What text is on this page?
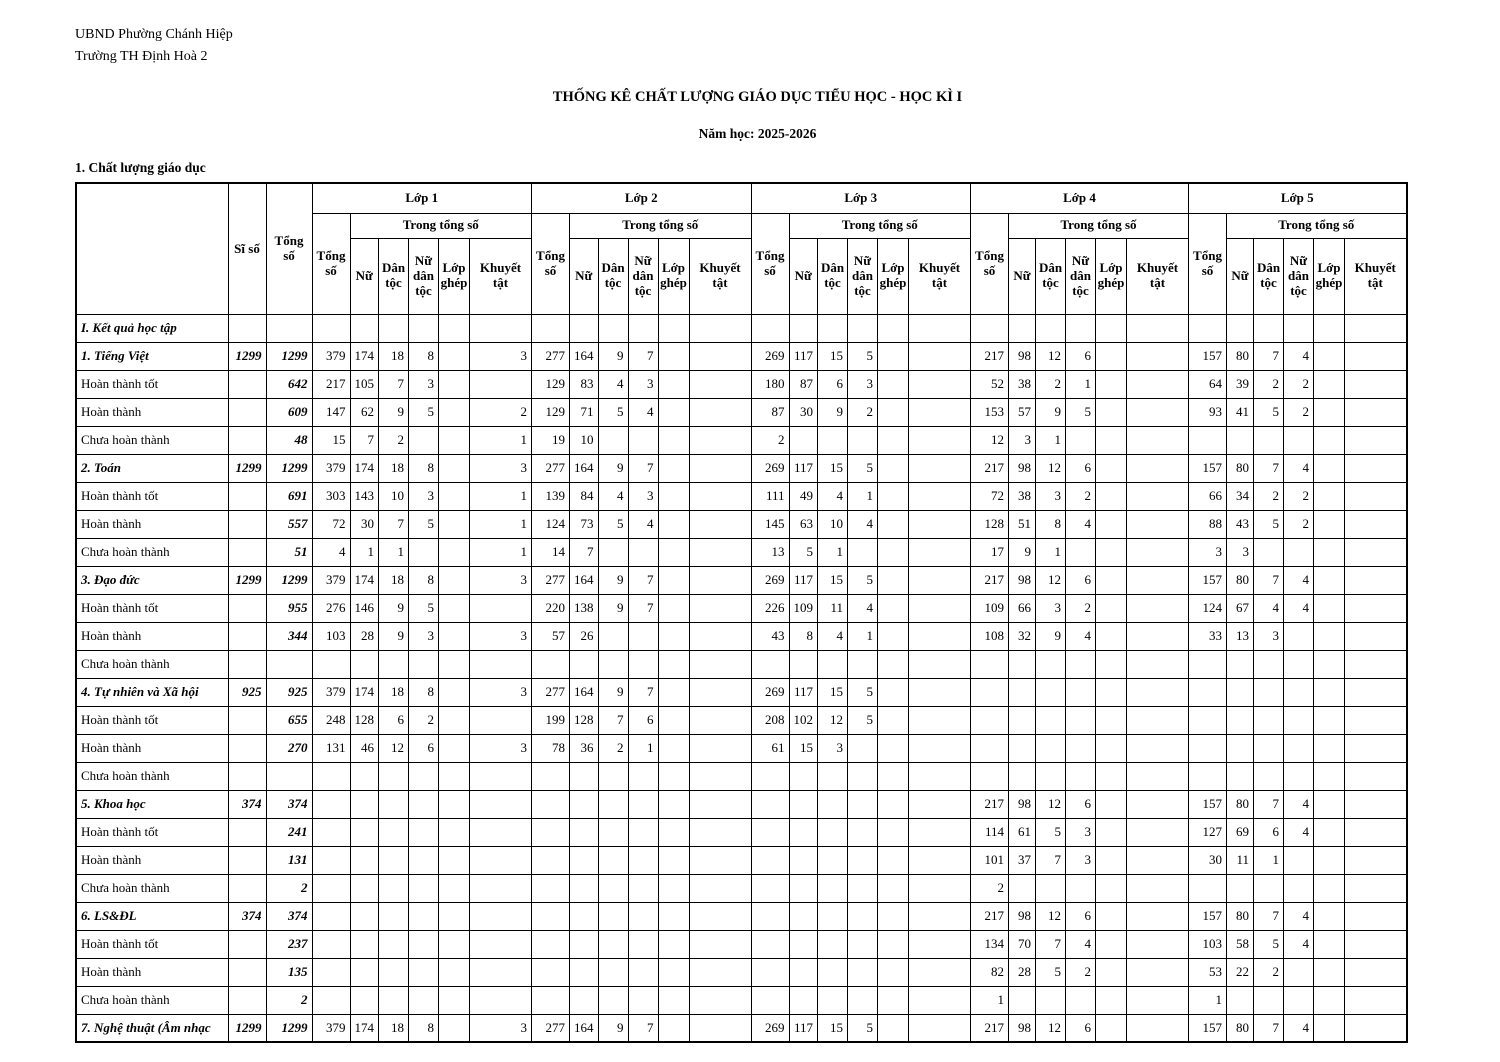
UBND Phường Chánh Hiệp
Trường TH Định Hoà 2
THỐNG KÊ CHẤT LƯỢNG GIÁO DỤC TIỂU HỌC - HỌC KÌ I
Năm học: 2025-2026
1. Chất lượng giáo dục
	Sĩ số	Tổng số	Lớp 1						Lớp 2						Lớp 3						Lớp 4						Lớp 5					
			Tổng số	Trong tổng số					Tổng số	Trong tổng số					Tổng số	Trong tổng số					Tổng số	Trong tổng số					Tổng số	Trong tổng số				
				Nữ	Dân tộc	Nữ dân tộc	Lớp ghép	Khuyết tật		Nữ	Dân tộc	Nữ dân tộc	Lớp ghép	Khuyết tật		Nữ	Dân tộc	Nữ dân tộc	Lớp ghép	Khuyết tật		Nữ	Dân tộc	Nữ dân tộc	Lớp ghép	Khuyết tật		Nữ	Dân tộc	Nữ dân tộc	Lớp ghép	Khuyết tật
I. Kết quả học tập																																
1. Tiếng Việt	1299	1299	379	174	18	8		3	277	164	9	7			269	117	15	5			217	98	12	6			157	80	7	4		
Hoàn thành tốt		642	217	105	7	3			129	83	4	3			180	87	6	3			52	38	2	1			64	39	2	2		
Hoàn thành		609	147	62	9	5		2	129	71	5	4			87	30	9	2			153	57	9	5			93	41	5	2		
Chưa hoàn thành		48	15	7	2			1	19	10					2						12	3	1									
2. Toán	1299	1299	379	174	18	8		3	277	164	9	7			269	117	15	5			217	98	12	6			157	80	7	4		
Hoàn thành tốt		691	303	143	10	3		1	139	84	4	3			111	49	4	1			72	38	3	2			66	34	2	2		
Hoàn thành		557	72	30	7	5		1	124	73	5	4			145	63	10	4			128	51	8	4			88	43	5	2		
Chưa hoàn thành		51	4	1	1			1	14	7					13	5	1				17	9	1				3	3				
3. Đạo đức	1299	1299	379	174	18	8		3	277	164	9	7			269	117	15	5			217	98	12	6			157	80	7	4		
Hoàn thành tốt		955	276	146	9	5			220	138	9	7			226	109	11	4			109	66	3	2			124	67	4	4		
Hoàn thành		344	103	28	9	3		3	57	26					43	8	4	1			108	32	9	4			33	13	3			
Chưa hoàn thành																																
4. Tự nhiên và Xã hội	925	925	379	174	18	8		3	277	164	9	7			269	117	15	5														
Hoàn thành tốt		655	248	128	6	2			199	128	7	6			208	102	12	5														
Hoàn thành		270	131	46	12	6		3	78	36	2	1			61	15	3															
Chưa hoàn thành																																
5. Khoa học	374	374																			217	98	12	6			157	80	7	4		
Hoàn thành tốt		241																			114	61	5	3			127	69	6	4		
Hoàn thành		131																			101	37	7	3			30	11	1			
Chưa hoàn thành		2																			2											
6. LS&ĐL	374	374																			217	98	12	6			157	80	7	4		
Hoàn thành tốt		237																			134	70	7	4			103	58	5	4		
Hoàn thành		135																			82	28	5	2			53	22	2			
Chưa hoàn thành		2																			1						1					
7. Nghệ thuật (Âm nhạc	1299	1299	379	174	18	8		3	277	164	9	7			269	117	15	5			217	98	12	6			157	80	7	4		
